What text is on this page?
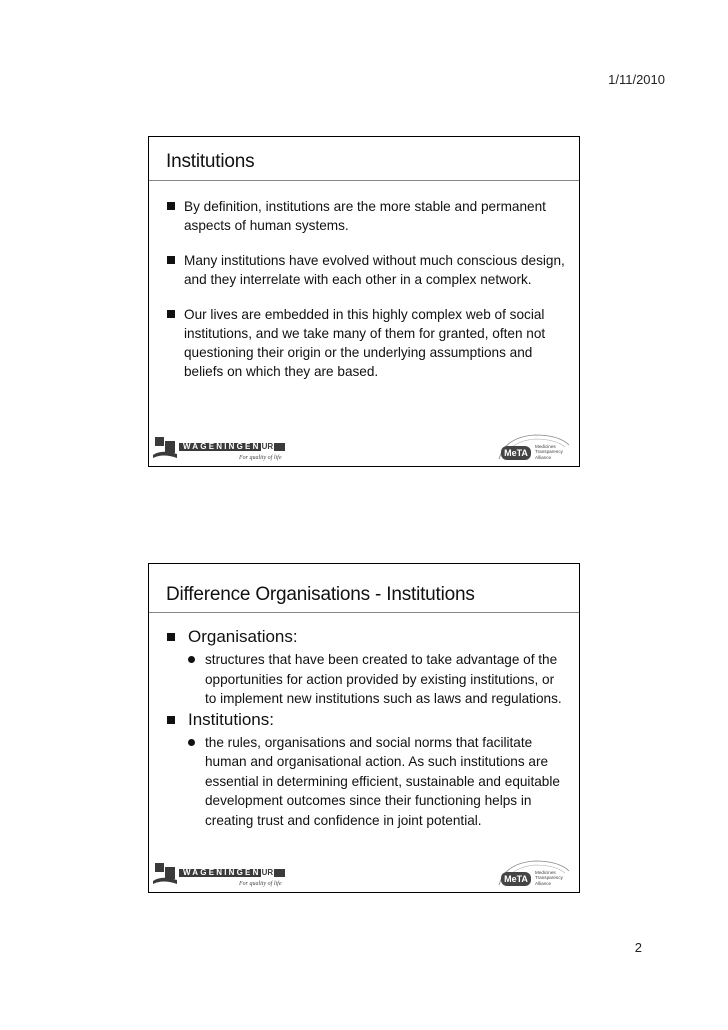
1/11/2010
Institutions
By definition, institutions are the more stable and permanent aspects of human systems.
Many institutions have evolved without much conscious design, and they interrelate with each other in a complex network.
Our lives are embedded in this highly complex web of social institutions, and we take many of them for granted, often not questioning their origin or the underlying assumptions and beliefs on which they are based.
WAGENINGENUR
For quality of life	MeTA
Medicines
Transparency
Alliance
Difference Organisations - Institutions
Organisations:
structures that have been created to take advantage of the opportunities for action provided by existing institutions, or to implement new institutions such as laws and regulations.
Institutions:
the rules, organisations and social norms that facilitate human and organisational action. As such institutions are essential in determining efficient, sustainable and equitable development outcomes since their functioning helps in creating trust and confidence in joint potential.
WAGENINGENUR
For quality of life	MeTA
Medicines
Transparency
Alliance
2
